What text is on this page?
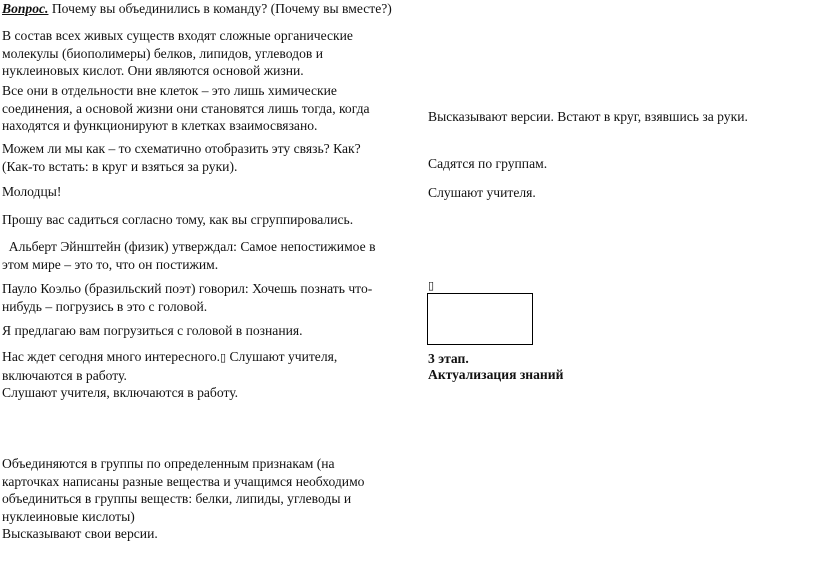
Вопрос. Почему вы объединились в команду? (Почему вы вместе?)
В состав всех живых существ входят сложные органические
молекулы (биополимеры) белков, липидов, углеводов и
нуклеиновых кислот. Они являются основой жизни.
Все они в отдельности вне клеток – это лишь химические
соединения, а основой жизни они становятся лишь тогда, когда
находятся и функционируют в клетках взаимосвязано.
Можем ли мы как – то схематично отобразить эту связь? Как?
(Как-то встать: в круг и взяться за руки).
Молодцы!
Прошу вас садиться согласно тому, как вы сгруппировались.
Альберт Эйнштейн (физик) утверждал: Самое непостижимое в
этом мире – это то, что он постижим.
Пауло Коэльо (бразильский поэт) говорил: Хочешь познать что-
нибудь – погрузись в это с головой.
Я предлагаю вам погрузиться с головой в познания.
Нас ждет сегодня много интересного.▯ Слушают учителя,
включаются в работу.
Слушают учителя, включаются в работу.
Объединяются в группы по определенным признакам (на
карточках написаны разные вещества и учащимся необходимо
объединиться в группы веществ: белки, липиды, углеводы и
нуклеиновые кислоты)
Высказывают свои версии.
Высказывают версии. Встают в круг, взявшись за руки.
Садятся по группам.
Слушают учителя.
▯
3 этап.
Актуализация знаний
